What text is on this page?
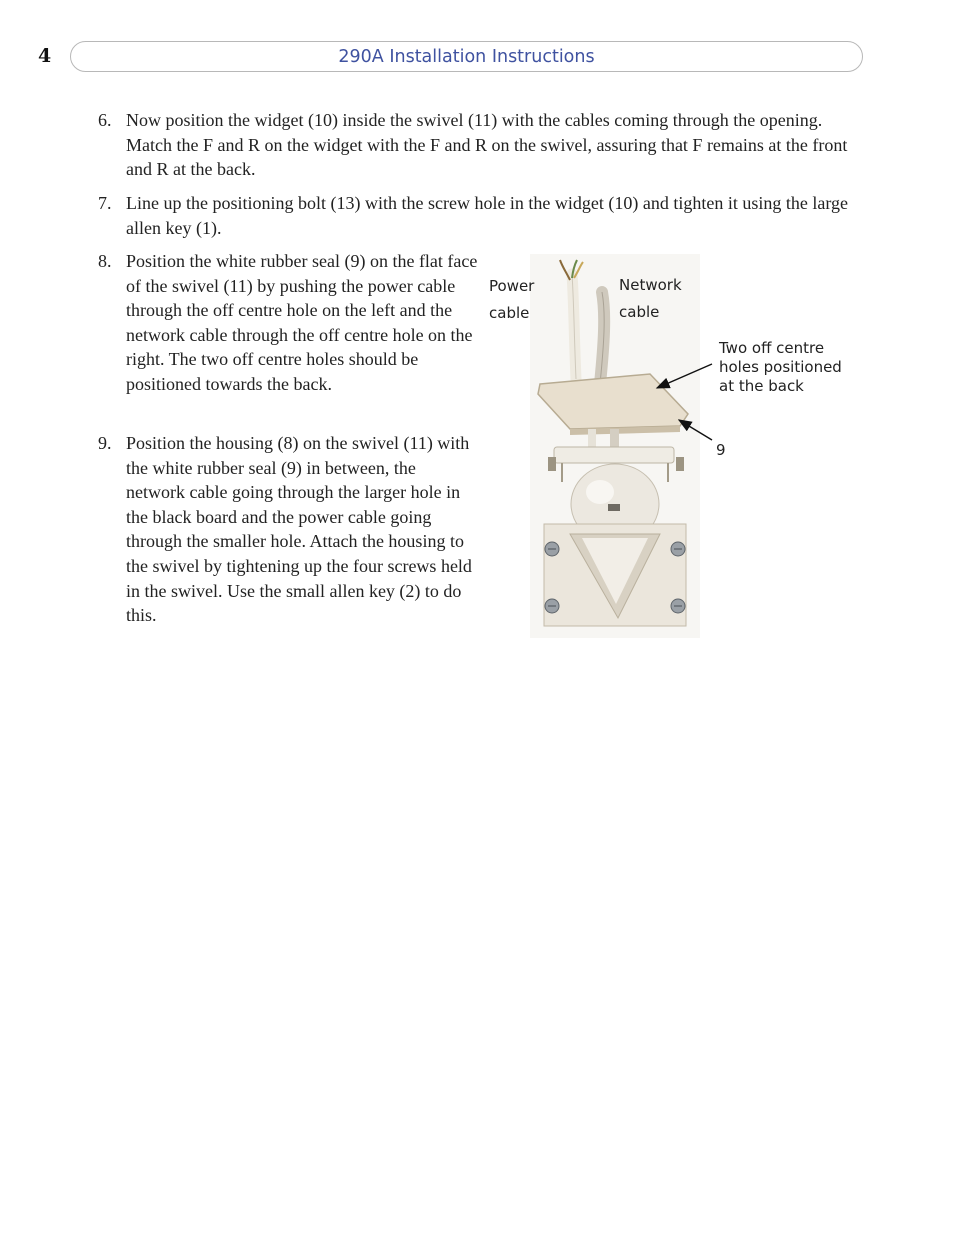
4	290A Installation Instructions
6. Now position the widget (10) inside the swivel (11) with the cables coming through the opening. Match the F and R on the widget with the F and R on the swivel, assuring that F remains at the front and R at the back.
7. Line up the positioning bolt (13) with the screw hole in the widget (10) and tighten it using the large allen key (1).
8. Position the white rubber seal (9) on the flat face of the swivel (11) by pushing the power cable through the off centre hole on the left and the network cable through the off centre hole on the right. The two off centre holes should be positioned towards the back.
9. Position the housing (8) on the swivel (11) with the white rubber seal (9) in between, the network cable going through the larger hole in the black board and the power cable going through the smaller hole. Attach the housing to the swivel by tightening up the four screws held in the swivel. Use the small allen key (2) to do this.
Power
cable
Network
cable
Two off centre
holes positioned
at the back
9
